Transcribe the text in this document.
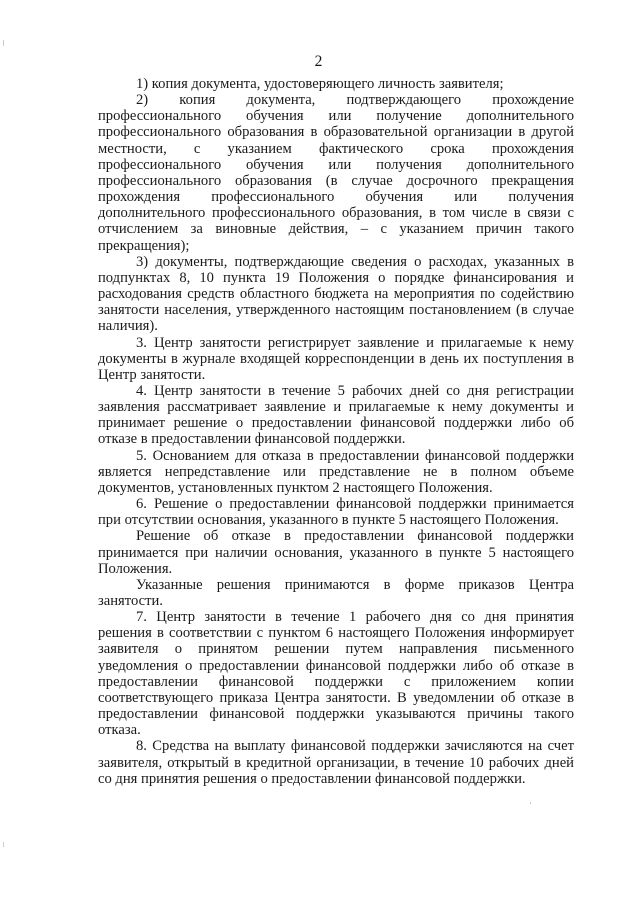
2

1) копия документа, удостоверяющего личность заявителя;

2) копия документа, подтверждающего прохождение профессионального обучения или получение дополнительного профессионального образования в образовательной организации в другой местности, с указанием фактического срока прохождения профессионального обучения или получения дополнительного профессионального образования (в случае досрочного прекращения прохождения профессионального обучения или получения дополнительного профессионального образования, в том числе в связи с отчислением за виновные действия, – с указанием причин такого прекращения);

3) документы, подтверждающие сведения о расходах, указанных в подпунктах 8, 10 пункта 19 Положения о порядке финансирования и расходования средств областного бюджета на мероприятия по содействию занятости населения, утвержденного настоящим постановлением (в случае наличия).

3. Центр занятости регистрирует заявление и прилагаемые к нему документы в журнале входящей корреспонденции в день их поступления в Центр занятости.

4. Центр занятости в течение 5 рабочих дней со дня регистрации заявления рассматривает заявление и прилагаемые к нему документы и принимает решение о предоставлении финансовой поддержки либо об отказе в предоставлении финансовой поддержки.

5. Основанием для отказа в предоставлении финансовой поддержки является непредставление или представление не в полном объеме документов, установленных пунктом 2 настоящего Положения.

6. Решение о предоставлении финансовой поддержки принимается при отсутствии основания, указанного в пункте 5 настоящего Положения.

Решение об отказе в предоставлении финансовой поддержки принимается при наличии основания, указанного в пункте 5 настоящего Положения.

Указанные решения принимаются в форме приказов Центра занятости.

7. Центр занятости в течение 1 рабочего дня со дня принятия решения в соответствии с пунктом 6 настоящего Положения информирует заявителя о принятом решении путем направления письменного уведомления о предоставлении финансовой поддержки либо об отказе в предоставлении финансовой поддержки с приложением копии соответствующего приказа Центра занятости. В уведомлении об отказе в предоставлении финансовой поддержки указываются причины такого отказа.

8. Средства на выплату финансовой поддержки зачисляются на счет заявителя, открытый в кредитной организации, в течение 10 рабочих дней со дня принятия решения о предоставлении финансовой поддержки.
